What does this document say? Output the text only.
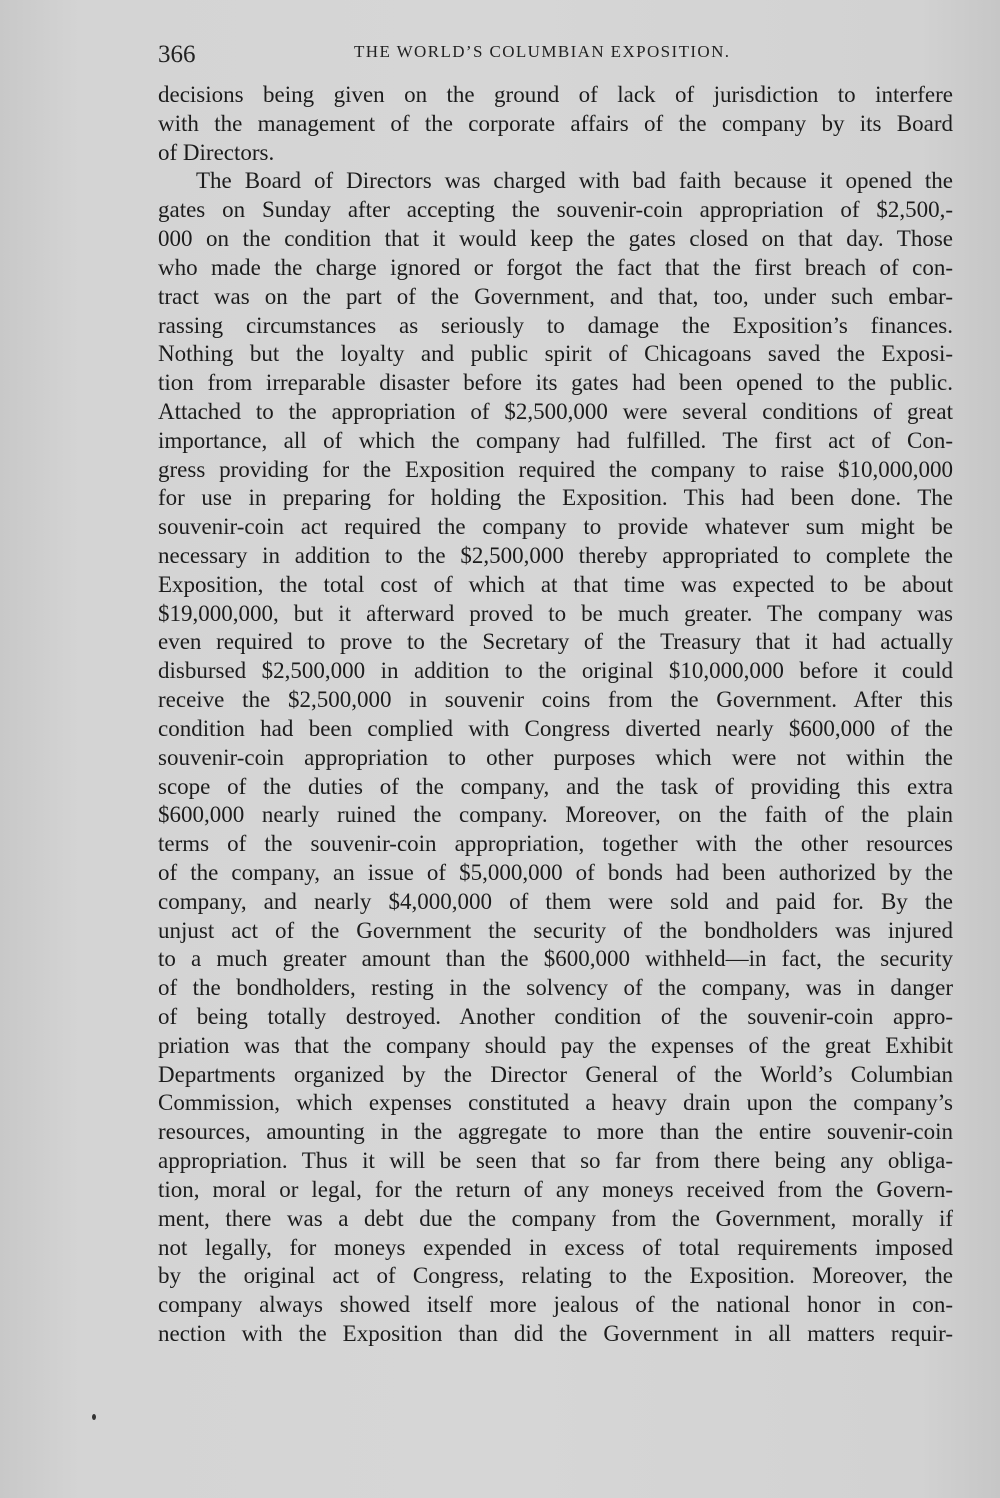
366	THE WORLD’S COLUMBIAN EXPOSITION.
decisions being given on the ground of lack of jurisdiction to interfere
with the management of the corporate affairs of the company by its Board
of Directors.
The Board of Directors was charged with bad faith because it opened the
gates on Sunday after accepting the souvenir-coin appropriation of $2,500,-
000 on the condition that it would keep the gates closed on that day. Those
who made the charge ignored or forgot the fact that the first breach of con-
tract was on the part of the Government, and that, too, under such embar-
rassing circumstances as seriously to damage the Exposition’s finances.
Nothing but the loyalty and public spirit of Chicagoans saved the Exposi-
tion from irreparable disaster before its gates had been opened to the public.
Attached to the appropriation of $2,500,000 were several conditions of great
importance, all of which the company had fulfilled. The first act of Con-
gress providing for the Exposition required the company to raise $10,000,000
for use in preparing for holding the Exposition. This had been done. The
souvenir-coin act required the company to provide whatever sum might be
necessary in addition to the $2,500,000 thereby appropriated to complete the
Exposition, the total cost of which at that time was expected to be about
$19,000,000, but it afterward proved to be much greater. The company was
even required to prove to the Secretary of the Treasury that it had actually
disbursed $2,500,000 in addition to the original $10,000,000 before it could
receive the $2,500,000 in souvenir coins from the Government. After this
condition had been complied with Congress diverted nearly $600,000 of the
souvenir-coin appropriation to other purposes which were not within the
scope of the duties of the company, and the task of providing this extra
$600,000 nearly ruined the company. Moreover, on the faith of the plain
terms of the souvenir-coin appropriation, together with the other resources
of the company, an issue of $5,000,000 of bonds had been authorized by the
company, and nearly $4,000,000 of them were sold and paid for. By the
unjust act of the Government the security of the bondholders was injured
to a much greater amount than the $600,000 withheld—in fact, the security
of the bondholders, resting in the solvency of the company, was in danger
of being totally destroyed. Another condition of the souvenir-coin appro-
priation was that the company should pay the expenses of the great Exhibit
Departments organized by the Director General of the World’s Columbian
Commission, which expenses constituted a heavy drain upon the company’s
resources, amounting in the aggregate to more than the entire souvenir-coin
appropriation. Thus it will be seen that so far from there being any obliga-
tion, moral or legal, for the return of any moneys received from the Govern-
ment, there was a debt due the company from the Government, morally if
not legally, for moneys expended in excess of total requirements imposed
by the original act of Congress, relating to the Exposition. Moreover, the
company always showed itself more jealous of the national honor in con-
nection with the Exposition than did the Government in all matters requir-
